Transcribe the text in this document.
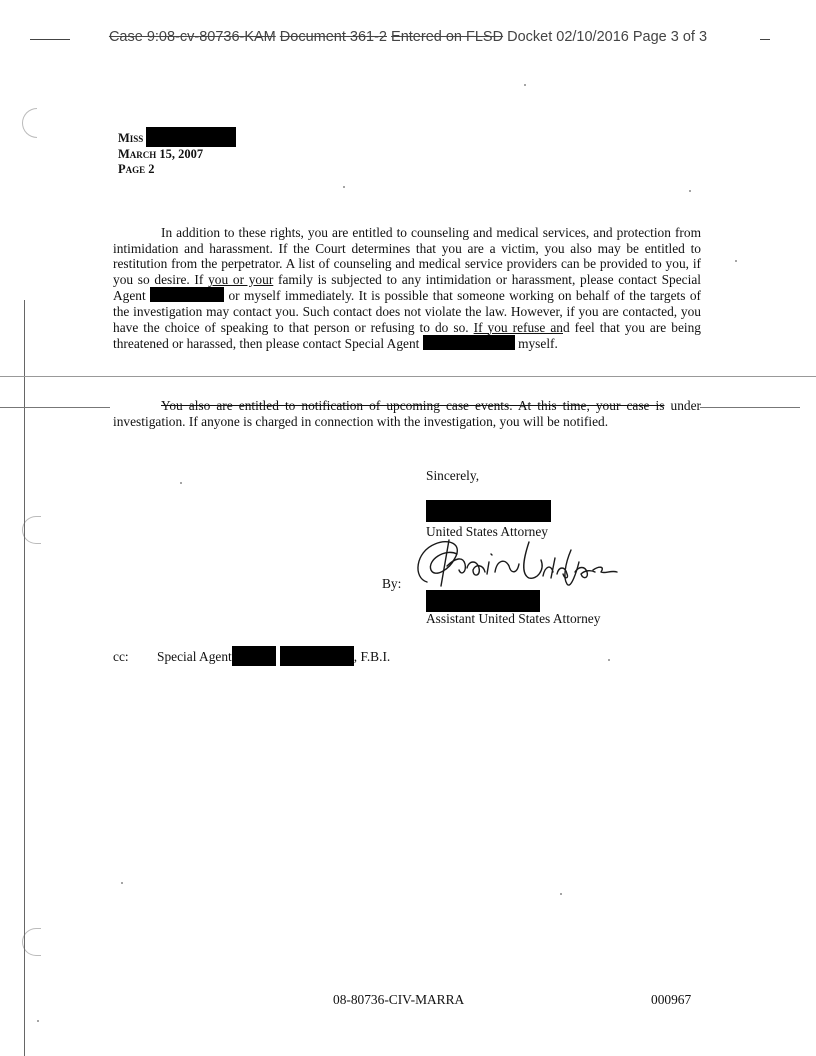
Case 9:08-cv-80736-KAM Document 361-2 Entered on FLSD Docket 02/10/2016 Page 3 of 3
Miss
March 15, 2007
Page 2
In addition to these rights, you are entitled to counseling and medical services, and protection from intimidation and harassment. If the Court determines that you are a victim, you also may be entitled to restitution from the perpetrator. A list of counseling and medical service providers can be provided to you, if you so desire. If you or your family is subjected to any intimidation or harassment, please contact Special Agent	or myself immediately. It is possible that someone working on behalf of the targets of the investigation may contact you. Such contact does not violate the law. However, if you are contacted, you have the choice of speaking to that person or refusing to do so. If you refuse and feel that you are being threatened or harassed, then please contact Special Agent	myself.
You also are entitled to notification of upcoming case events. At this time, your case is under investigation. If anyone is charged in connection with the investigation, you will be notified.
Sincerely,
United States Attorney
By:
Assistant United States Attorney
cc: Special Agent	, F.B.I.
08-80736-CIV-MARRA	000967
